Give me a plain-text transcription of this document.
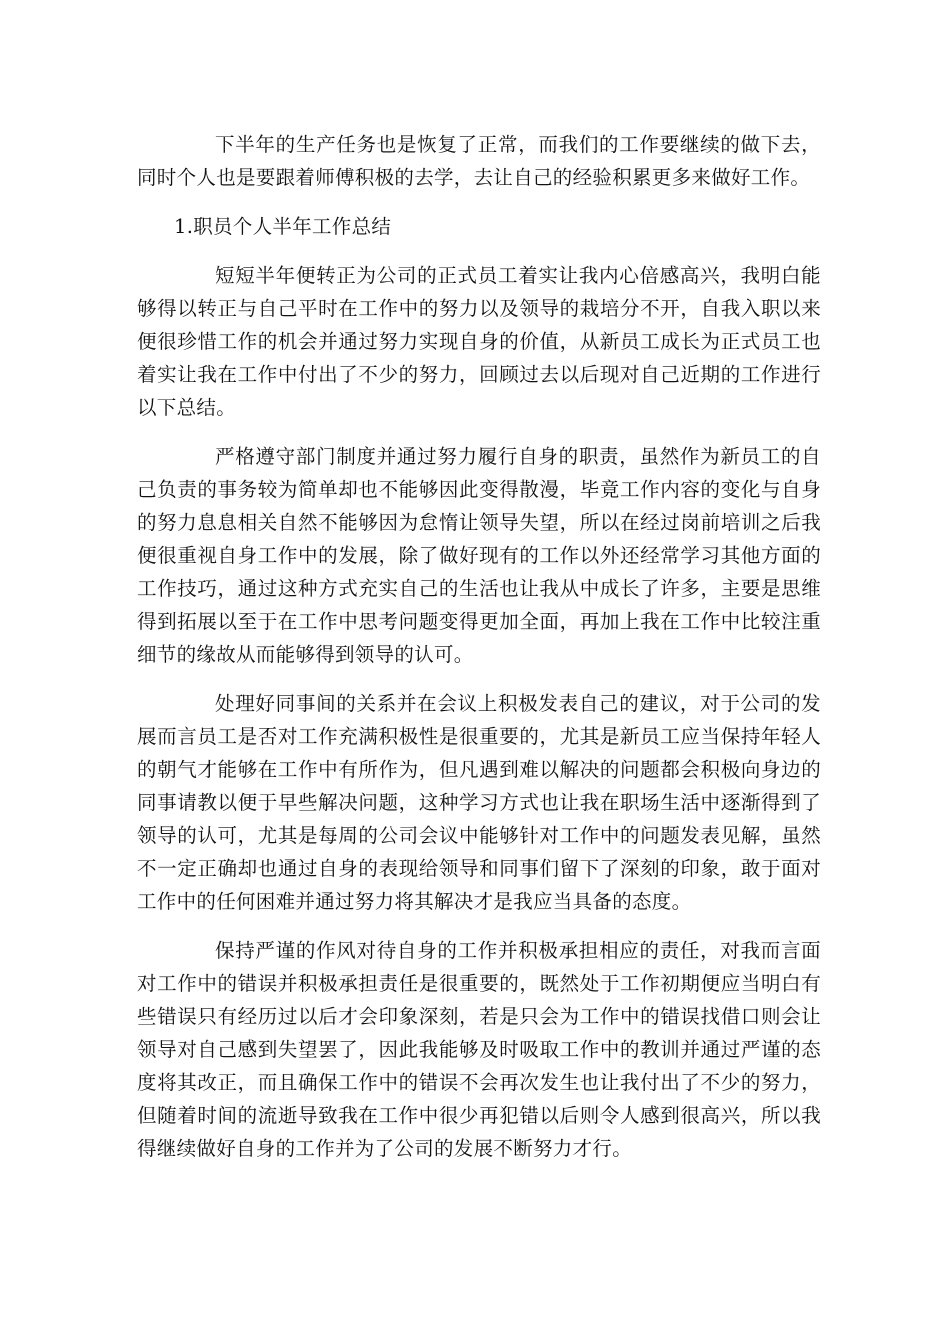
下半年的生产任务也是恢复了正常，而我们的工作要继续的做下去，同时个人也是要跟着师傅积极的去学，去让自己的经验积累更多来做好工作。

1.职员个人半年工作总结

短短半年便转正为公司的正式员工着实让我内心倍感高兴，我明白能够得以转正与自己平时在工作中的努力以及领导的栽培分不开，自我入职以来便很珍惜工作的机会并通过努力实现自身的价值，从新员工成长为正式员工也着实让我在工作中付出了不少的努力，回顾过去以后现对自己近期的工作进行以下总结。

严格遵守部门制度并通过努力履行自身的职责，虽然作为新员工的自己负责的事务较为简单却也不能够因此变得散漫，毕竟工作内容的变化与自身的努力息息相关自然不能够因为怠惰让领导失望，所以在经过岗前培训之后我便很重视自身工作中的发展，除了做好现有的工作以外还经常学习其他方面的工作技巧，通过这种方式充实自己的生活也让我从中成长了许多，主要是思维得到拓展以至于在工作中思考问题变得更加全面，再加上我在工作中比较注重细节的缘故从而能够得到领导的认可。

处理好同事间的关系并在会议上积极发表自己的建议，对于公司的发展而言员工是否对工作充满积极性是很重要的，尤其是新员工应当保持年轻人的朝气才能够在工作中有所作为，但凡遇到难以解决的问题都会积极向身边的同事请教以便于早些解决问题，这种学习方式也让我在职场生活中逐渐得到了领导的认可，尤其是每周的公司会议中能够针对工作中的问题发表见解，虽然不一定正确却也通过自身的表现给领导和同事们留下了深刻的印象，敢于面对工作中的任何困难并通过努力将其解决才是我应当具备的态度。

保持严谨的作风对待自身的工作并积极承担相应的责任，对我而言面对工作中的错误并积极承担责任是很重要的，既然处于工作初期便应当明白有些错误只有经历过以后才会印象深刻，若是只会为工作中的错误找借口则会让领导对自己感到失望罢了，因此我能够及时吸取工作中的教训并通过严谨的态度将其改正，而且确保工作中的错误不会再次发生也让我付出了不少的努力，但随着时间的流逝导致我在工作中很少再犯错以后则令人感到很高兴，所以我得继续做好自身的工作并为了公司的发展不断努力才行。
